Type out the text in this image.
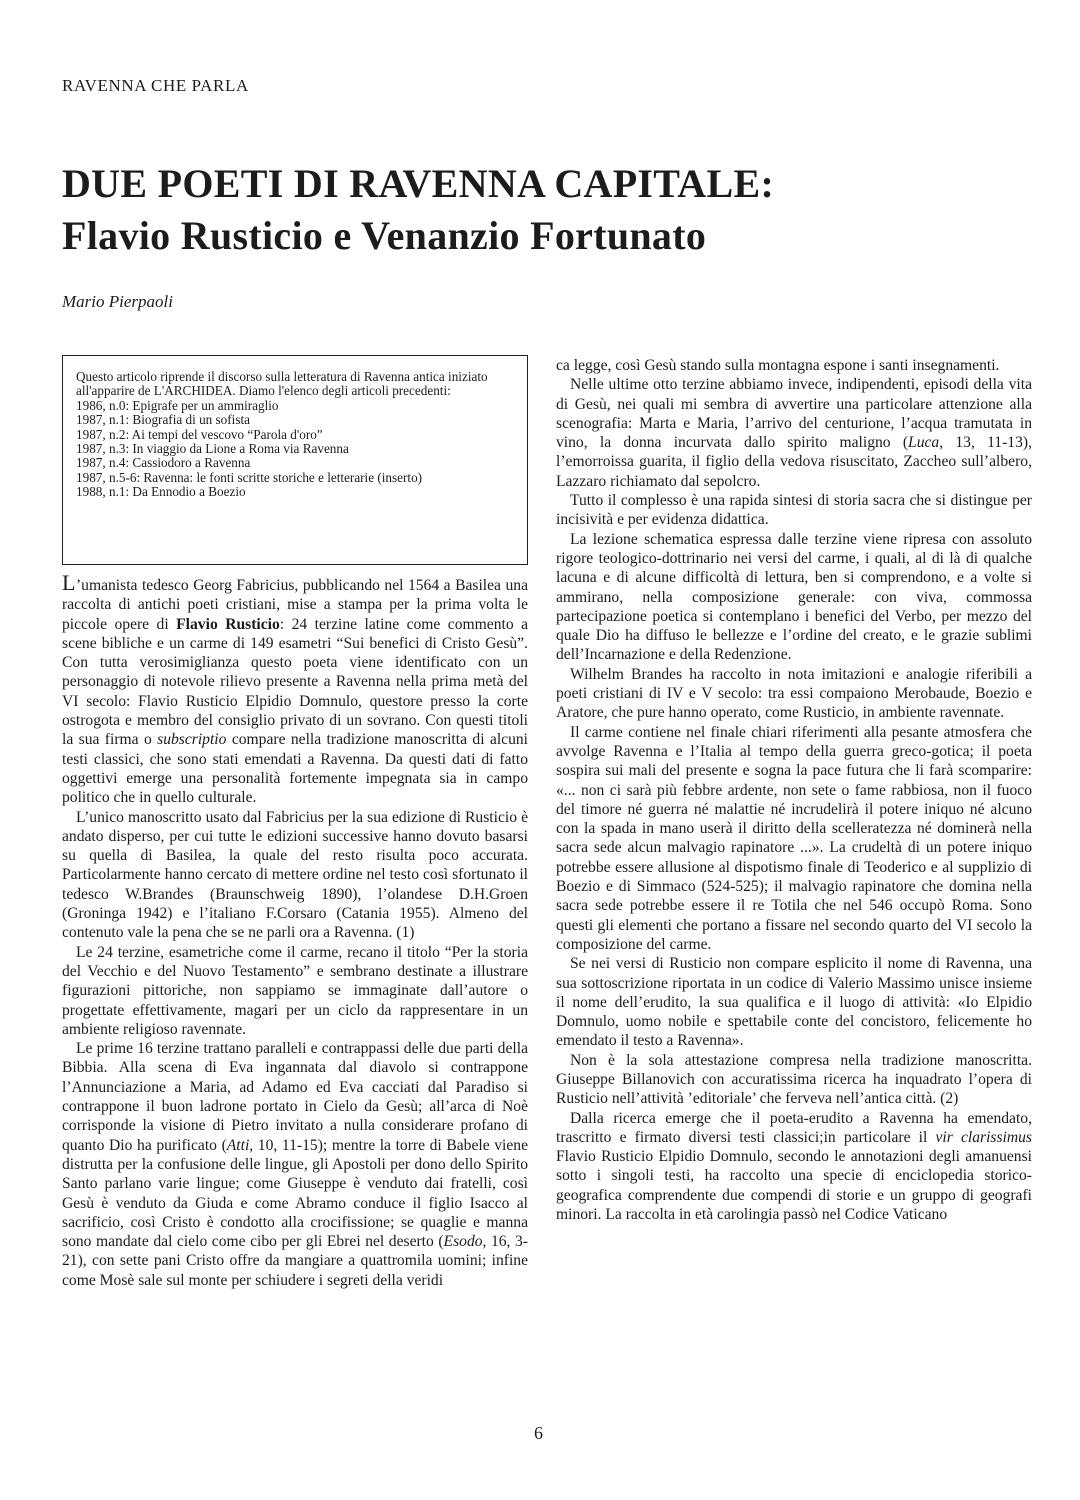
RAVENNA CHE PARLA
DUE POETI DI RAVENNA CAPITALE:
Flavio Rusticio e Venanzio Fortunato
Mario Pierpaoli

Questo articolo riprende il discorso sulla letteratura di Ravenna antica iniziato all'apparire de L'ARCHIDEA. Diamo l'elenco degli articoli precedenti:

1986, n.0: Epigrafe per un ammiraglio
1987, n.1: Biografia di un sofista
1987, n.2: Ai tempi del vescovo “Parola d'oro”
1987, n.3: In viaggio da Lione a Roma via Ravenna
1987, n.4: Cassiodoro a Ravenna
1987, n.5-6: Ravenna: le fonti scritte storiche e letterarie (inserto)
1988, n.1: Da Ennodio a Boezio

L’umanista tedesco Georg Fabricius, pubblicando nel 1564 a Basilea una raccolta di antichi poeti cristiani, mise a stampa per la prima volta le piccole opere di Flavio Rusticio: 24 terzine latine come commento a scene bibliche e un carme di 149 esametri “Sui benefici di Cristo Gesù”. Con tutta verosimiglianza questo poeta viene identificato con un personaggio di notevole rilievo presente a Ravenna nella prima metà del VI secolo: Flavio Rusticio Elpidio Domnulo, questore presso la corte ostrogota e membro del consiglio privato di un sovrano. Con questi titoli la sua firma o subscriptio compare nella tradizione manoscritta di alcuni testi classici, che sono stati emendati a Ravenna. Da questi dati di fatto oggettivi emerge una personalità fortemente impegnata sia in campo politico che in quello culturale.

L’unico manoscritto usato dal Fabricius per la sua edizione di Rusticio è andato disperso, per cui tutte le edizioni successive hanno dovuto basarsi su quella di Basilea, la quale del resto risulta poco accurata. Particolarmente hanno cercato di mettere ordine nel testo così sfortunato il tedesco W.Brandes (Braunschweig 1890), l’olandese D.H.Groen (Groninga 1942) e l’italiano F.Corsaro (Catania 1955). Almeno del contenuto vale la pena che se ne parli ora a Ravenna. (1)

Le 24 terzine, esametriche come il carme, recano il titolo “Per la storia del Vecchio e del Nuovo Testamento” e sembrano destinate a illustrare figurazioni pittoriche, non sappiamo se immaginate dall’autore o progettate effettivamente, magari per un ciclo da rappresentare in un ambiente religioso ravennate.

Le prime 16 terzine trattano paralleli e contrappassi delle due parti della Bibbia. Alla scena di Eva ingannata dal diavolo si contrappone l’Annunciazione a Maria, ad Adamo ed Eva cacciati dal Paradiso si contrappone il buon ladrone portato in Cielo da Gesù; all’arca di Noè corrisponde la visione di Pietro invitato a nulla considerare profano di quanto Dio ha purificato (Atti, 10, 11-15); mentre la torre di Babele viene distrutta per la confusione delle lingue, gli Apostoli per dono dello Spirito Santo parlano varie lingue; come Giuseppe è venduto dai fratelli, così Gesù è venduto da Giuda e come Abramo conduce il figlio Isacco al sacrificio, così Cristo è condotto alla crocifissione; se quaglie e manna sono mandate dal cielo come cibo per gli Ebrei nel deserto (Esodo, 16, 3-21), con sette pani Cristo offre da mangiare a quattromila uomini; infine come Mosè sale sul monte per schiudere i segreti della veridi

ca legge, così Gesù stando sulla montagna espone i santi insegnamenti.

Nelle ultime otto terzine abbiamo invece, indipendenti, episodi della vita di Gesù, nei quali mi sembra di avvertire una particolare attenzione alla scenografia: Marta e Maria, l’arrivo del centurione, l’acqua tramutata in vino, la donna incurvata dallo spirito maligno (Luca, 13, 11-13), l’emorroissa guarita, il figlio della vedova risuscitato, Zaccheo sull’albero, Lazzaro richiamato dal sepolcro.

Tutto il complesso è una rapida sintesi di storia sacra che si distingue per incisività e per evidenza didattica.

La lezione schematica espressa dalle terzine viene ripresa con assoluto rigore teologico-dottrinario nei versi del carme, i quali, al di là di qualche lacuna e di alcune difficoltà di lettura, ben si comprendono, e a volte si ammirano, nella composizione generale: con viva, commossa partecipazione poetica si contemplano i benefici del Verbo, per mezzo del quale Dio ha diffuso le bellezze e l’ordine del creato, e le grazie sublimi dell’Incarnazione e della Redenzione.

Wilhelm Brandes ha raccolto in nota imitazioni e analogie riferibili a poeti cristiani di IV e V secolo: tra essi compaiono Merobaude, Boezio e Aratore, che pure hanno operato, come Rusticio, in ambiente ravennate.

Il carme contiene nel finale chiari riferimenti alla pesante atmosfera che avvolge Ravenna e l’Italia al tempo della guerra greco-gotica; il poeta sospira sui mali del presente e sogna la pace futura che li farà scomparire: «... non ci sarà più febbre ardente, non sete o fame rabbiosa, non il fuoco del timore né guerra né malattie né incrudelirà il potere iniquo né alcuno con la spada in mano userà il diritto della scelleratezza né dominerà nella sacra sede alcun malvagio rapinatore ...». La crudeltà di un potere iniquo potrebbe essere allusione al dispotismo finale di Teoderico e al supplizio di Boezio e di Simmaco (524-525); il malvagio rapinatore che domina nella sacra sede potrebbe essere il re Totila che nel 546 occupò Roma. Sono questi gli elementi che portano a fissare nel secondo quarto del VI secolo la composizione del carme.

Se nei versi di Rusticio non compare esplicito il nome di Ravenna, una sua sottoscrizione riportata in un codice di Valerio Massimo unisce insieme il nome dell’erudito, la sua qualifica e il luogo di attività: «Io Elpidio Domnulo, uomo nobile e spettabile conte del concistoro, felicemente ho emendato il testo a Ravenna».

Non è la sola attestazione compresa nella tradizione manoscritta. Giuseppe Billanovich con accuratissima ricerca ha inquadrato l’opera di Rusticio nell’attività ’editoriale’ che ferveva nell’antica città. (2)

Dalla ricerca emerge che il poeta-erudito a Ravenna ha emendato, trascritto e firmato diversi testi classici;in particolare il vir clarissimus Flavio Rusticio Elpidio Domnulo, secondo le annotazioni degli amanuensi sotto i singoli testi, ha raccolto una specie di enciclopedia storico-geografica comprendente due compendi di storie e un gruppo di geografi minori. La raccolta in età carolingia passò nel Codice Vaticano

6
